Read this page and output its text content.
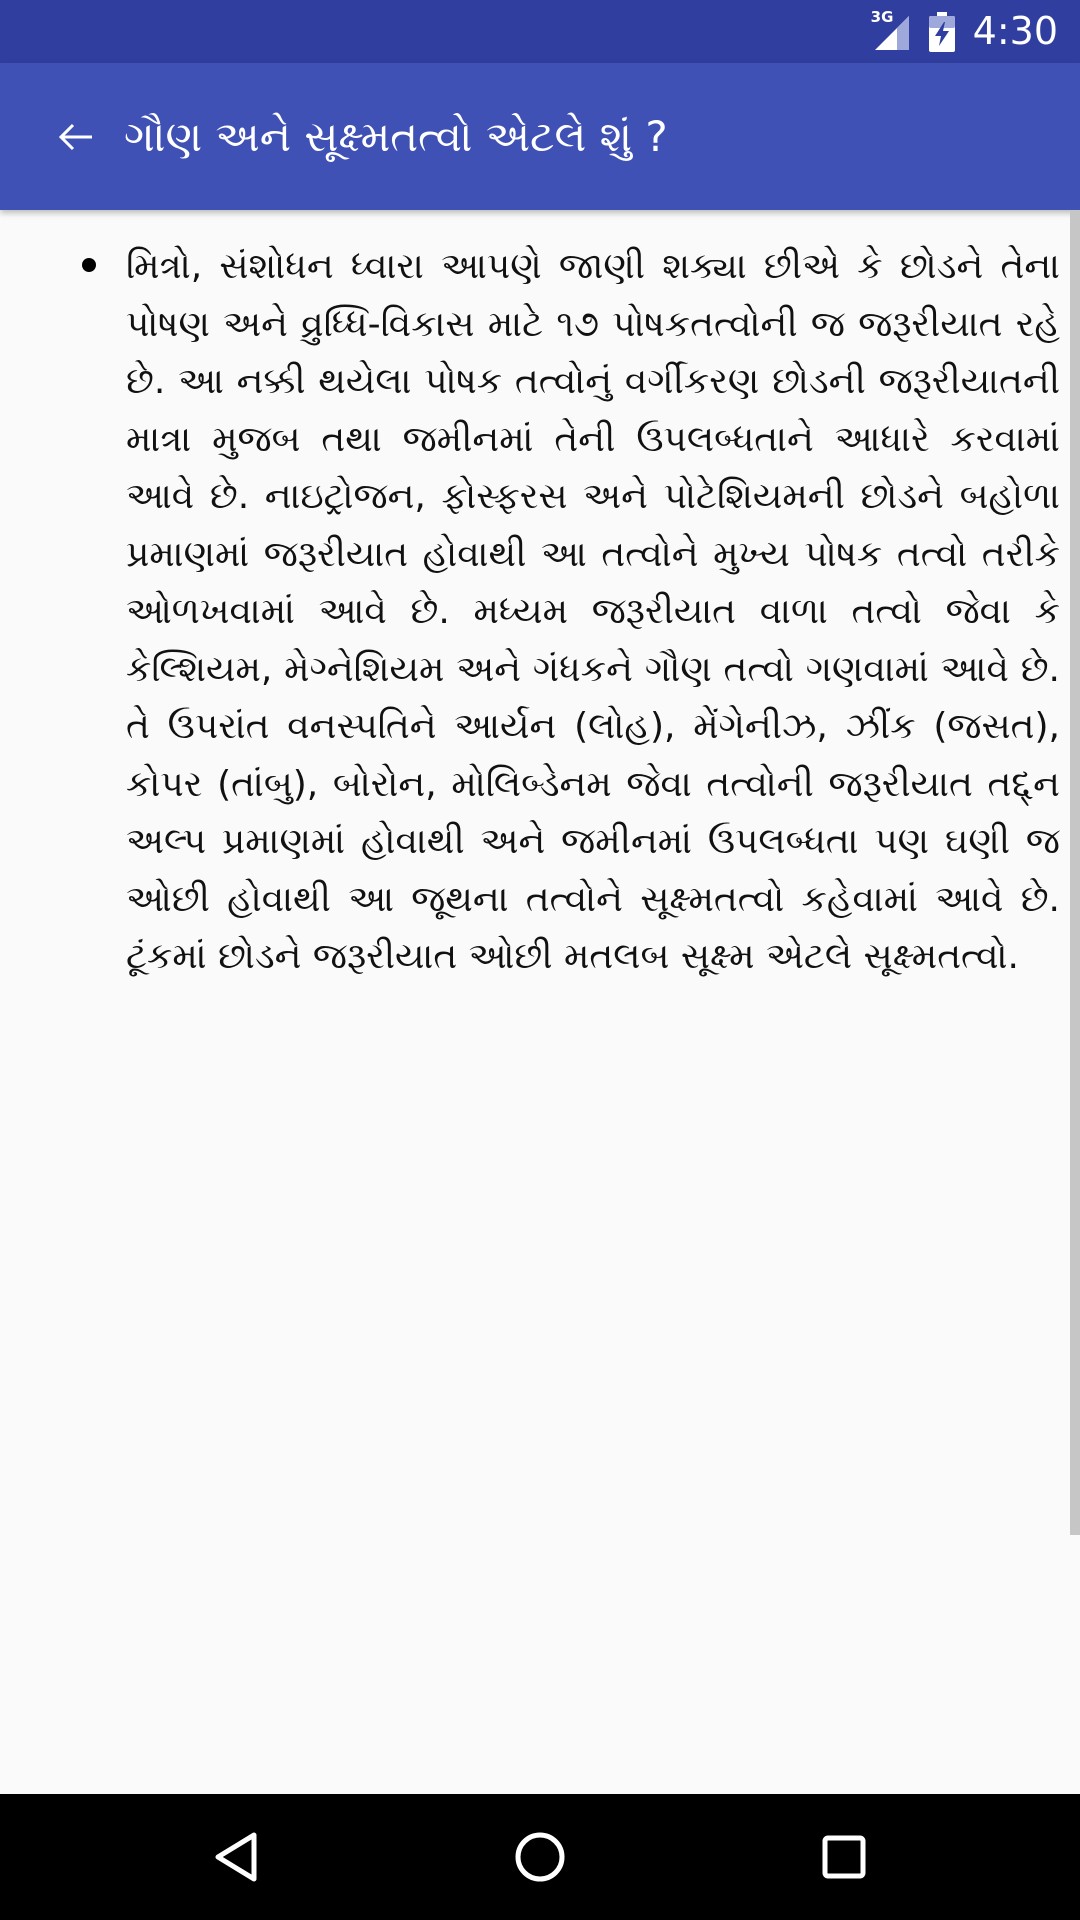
3G 4:30
ગૌણ અને સૂક્ષ્મતત્વો એટલે શું ?

મિત્રો, સંશોધન ધ્વારા આપણે જાણી શક્યા છીએ કે છોડને તેના પોષણ અને વ્રુધ્ધિ-વિકાસ માટે ૧૭ પોષકતત્વોની જ જરૂરીયાત રહે છે. આ નક્કી થયેલા પોષક તત્વોનું વર્ગીકરણ છોડની જરૂરીયાતની માત્રા મુજબ તથા જમીનમાં તેની ઉપલબ્ધતાને આધારે કરવામાં આવે છે. નાઇટ્રોજન, ફોસ્ફરસ અને પોટેશિયમની છોડને બહોળા પ્રમાણમાં જરૂરીયાત હોવાથી આ તત્વોને મુખ્ય પોષક તત્વો તરીકે ઓળખવામાં આવે છે. મધ્યમ જરૂરીયાત વાળા તત્વો જેવા કે કેલ્શિયમ, મેગ્નેશિયમ અને ગંધકને ગૌણ તત્વો ગણવામાં આવે છે. તે ઉપરાંત વનસ્પતિને આર્યન (લોહ), મેંગેનીઝ, ઝીંક (જસત), કોપર (તાંબુ), બોરોન, મોલિબ્ડેનમ જેવા તત્વોની જરૂરીયાત તદ્દ્ન અલ્પ પ્રમાણમાં હોવાથી અને જમીનમાં ઉપલબ્ધતા પણ ઘણી જ ઓછી હોવાથી આ જૂથના તત્વોને સૂક્ષ્મતત્વો કહેવામાં આવે છે. ટૂંકમાં છોડને જરૂરીયાત ઓછી મતલબ સૂક્ષ્મ એટલે સૂક્ષ્મતત્વો.
